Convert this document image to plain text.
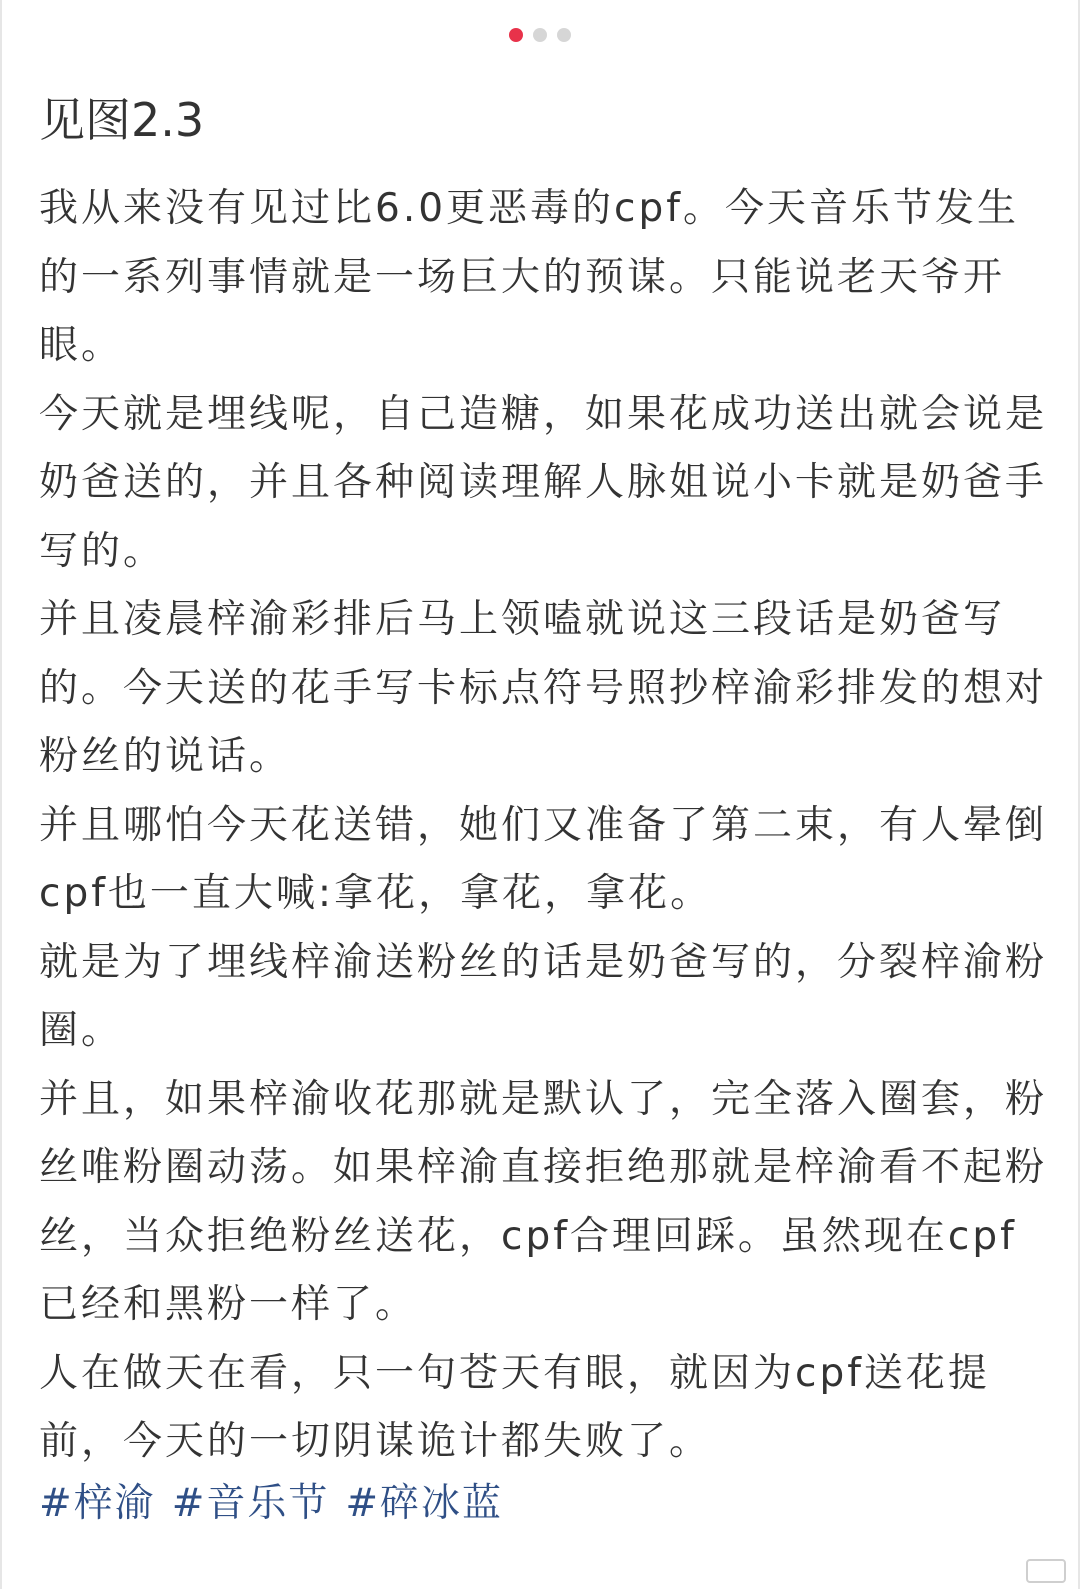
见图2.3

我从来没有见过比6.0更恶毒的cpf。今天音乐节发生的一系列事情就是一场巨大的预谋。只能说老天爷开眼。

今天就是埋线呢，自己造糖，如果花成功送出就会说是奶爸送的，并且各种阅读理解人脉姐说小卡就是奶爸手写的。

并且凌晨梓渝彩排后马上领嗑就说这三段话是奶爸写的。今天送的花手写卡标点符号照抄梓渝彩排发的想对粉丝的说话。

并且哪怕今天花送错，她们又准备了第二束，有人晕倒cpf也一直大喊:拿花，拿花，拿花。

就是为了埋线梓渝送粉丝的话是奶爸写的，分裂梓渝粉圈。

并且，如果梓渝收花那就是默认了，完全落入圈套，粉丝唯粉圈动荡。如果梓渝直接拒绝那就是梓渝看不起粉丝，当众拒绝粉丝送花，cpf合理回踩。虽然现在cpf已经和黑粉一样了。

人在做天在看，只一句苍天有眼，就因为cpf送花提前，今天的一切阴谋诡计都失败了。

#梓渝 #音乐节 #碎冰蓝
